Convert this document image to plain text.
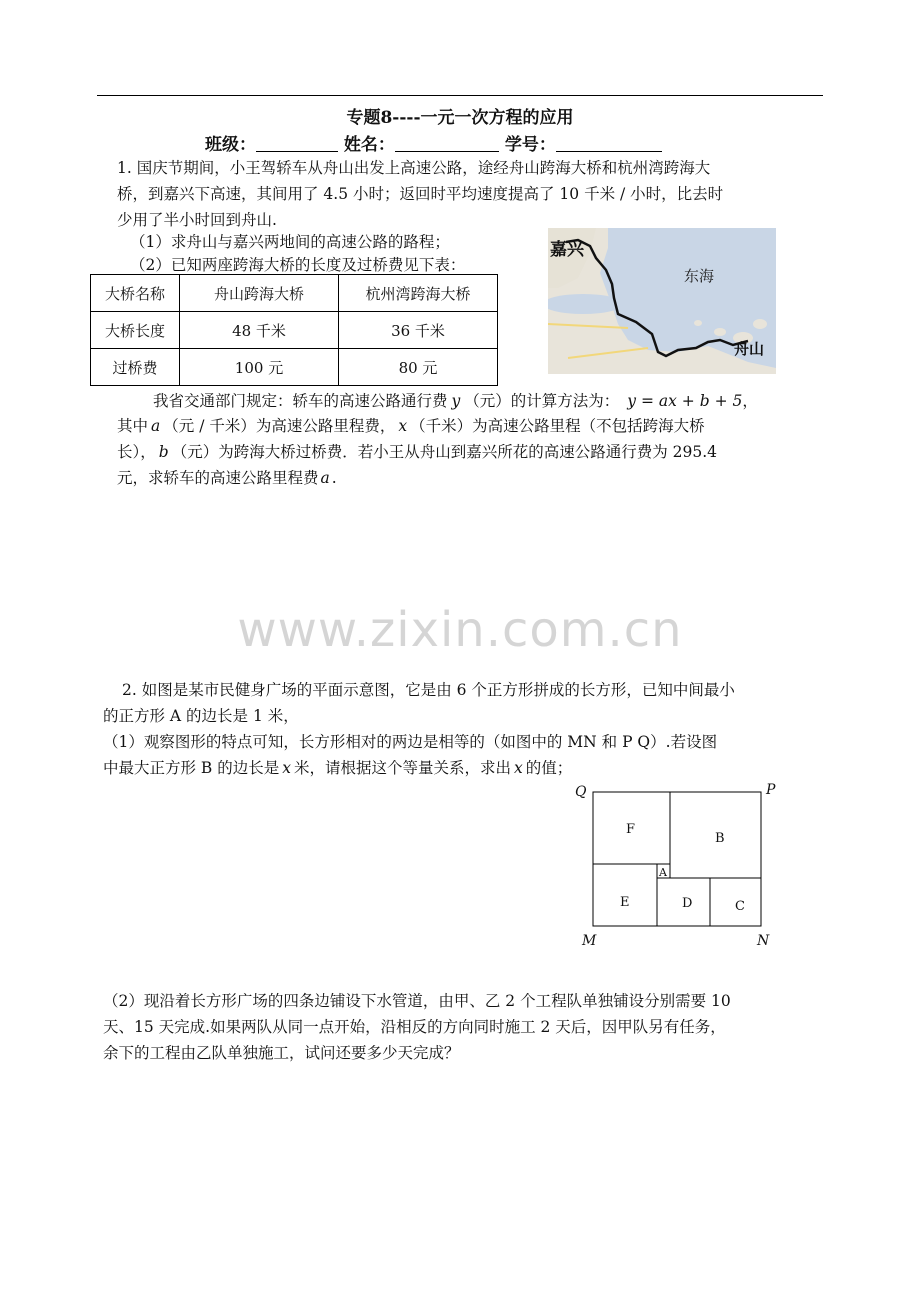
专题8----一元一次方程的应用
班级：	姓名：	学号：
1. 国庆节期间，小王驾轿车从舟山出发上高速公路，途经舟山跨海大桥和杭州湾跨海大
桥，到嘉兴下高速，其间用了 4.5 小时；返回时平均速度提高了 10 千米 / 小时，比去时
少用了半小时回到舟山.
（1）求舟山与嘉兴两地间的高速公路的路程；
（2）已知两座跨海大桥的长度及过桥费见下表：
大桥名称	舟山跨海大桥	杭州湾跨海大桥
大桥长度	48 千米	36 千米
过桥费	100 元	80 元
嘉兴
东海
舟山
我省交通部门规定：轿车的高速公路通行费 y （元）的计算方法为： y = ax + b + 5，
其中 a （元 / 千米）为高速公路里程费， x （千米）为高速公路里程（不包括跨海大桥
长）， b （元）为跨海大桥过桥费．若小王从舟山到嘉兴所花的高速公路通行费为 295.4
元，求轿车的高速公路里程费 a .
www.zixin.com.cn
2. 如图是某市民健身广场的平面示意图，它是由 6 个正方形拼成的长方形，已知中间最小
的正方形 A 的边长是 1 米，
（1）观察图形的特点可知，长方形相对的两边是相等的（如图中的 MN 和 P Q）.若设图
中最大正方形 B 的边长是 x 米，请根据这个等量关系，求出 x 的值；
Q	P
M	N
F
B
A
E	D	C
（2）现沿着长方形广场的四条边铺设下水管道，由甲、乙 2 个工程队单独铺设分别需要 10
天、15 天完成.如果两队从同一点开始，沿相反的方向同时施工 2 天后，因甲队另有任务，
余下的工程由乙队单独施工，试问还要多少天完成？
